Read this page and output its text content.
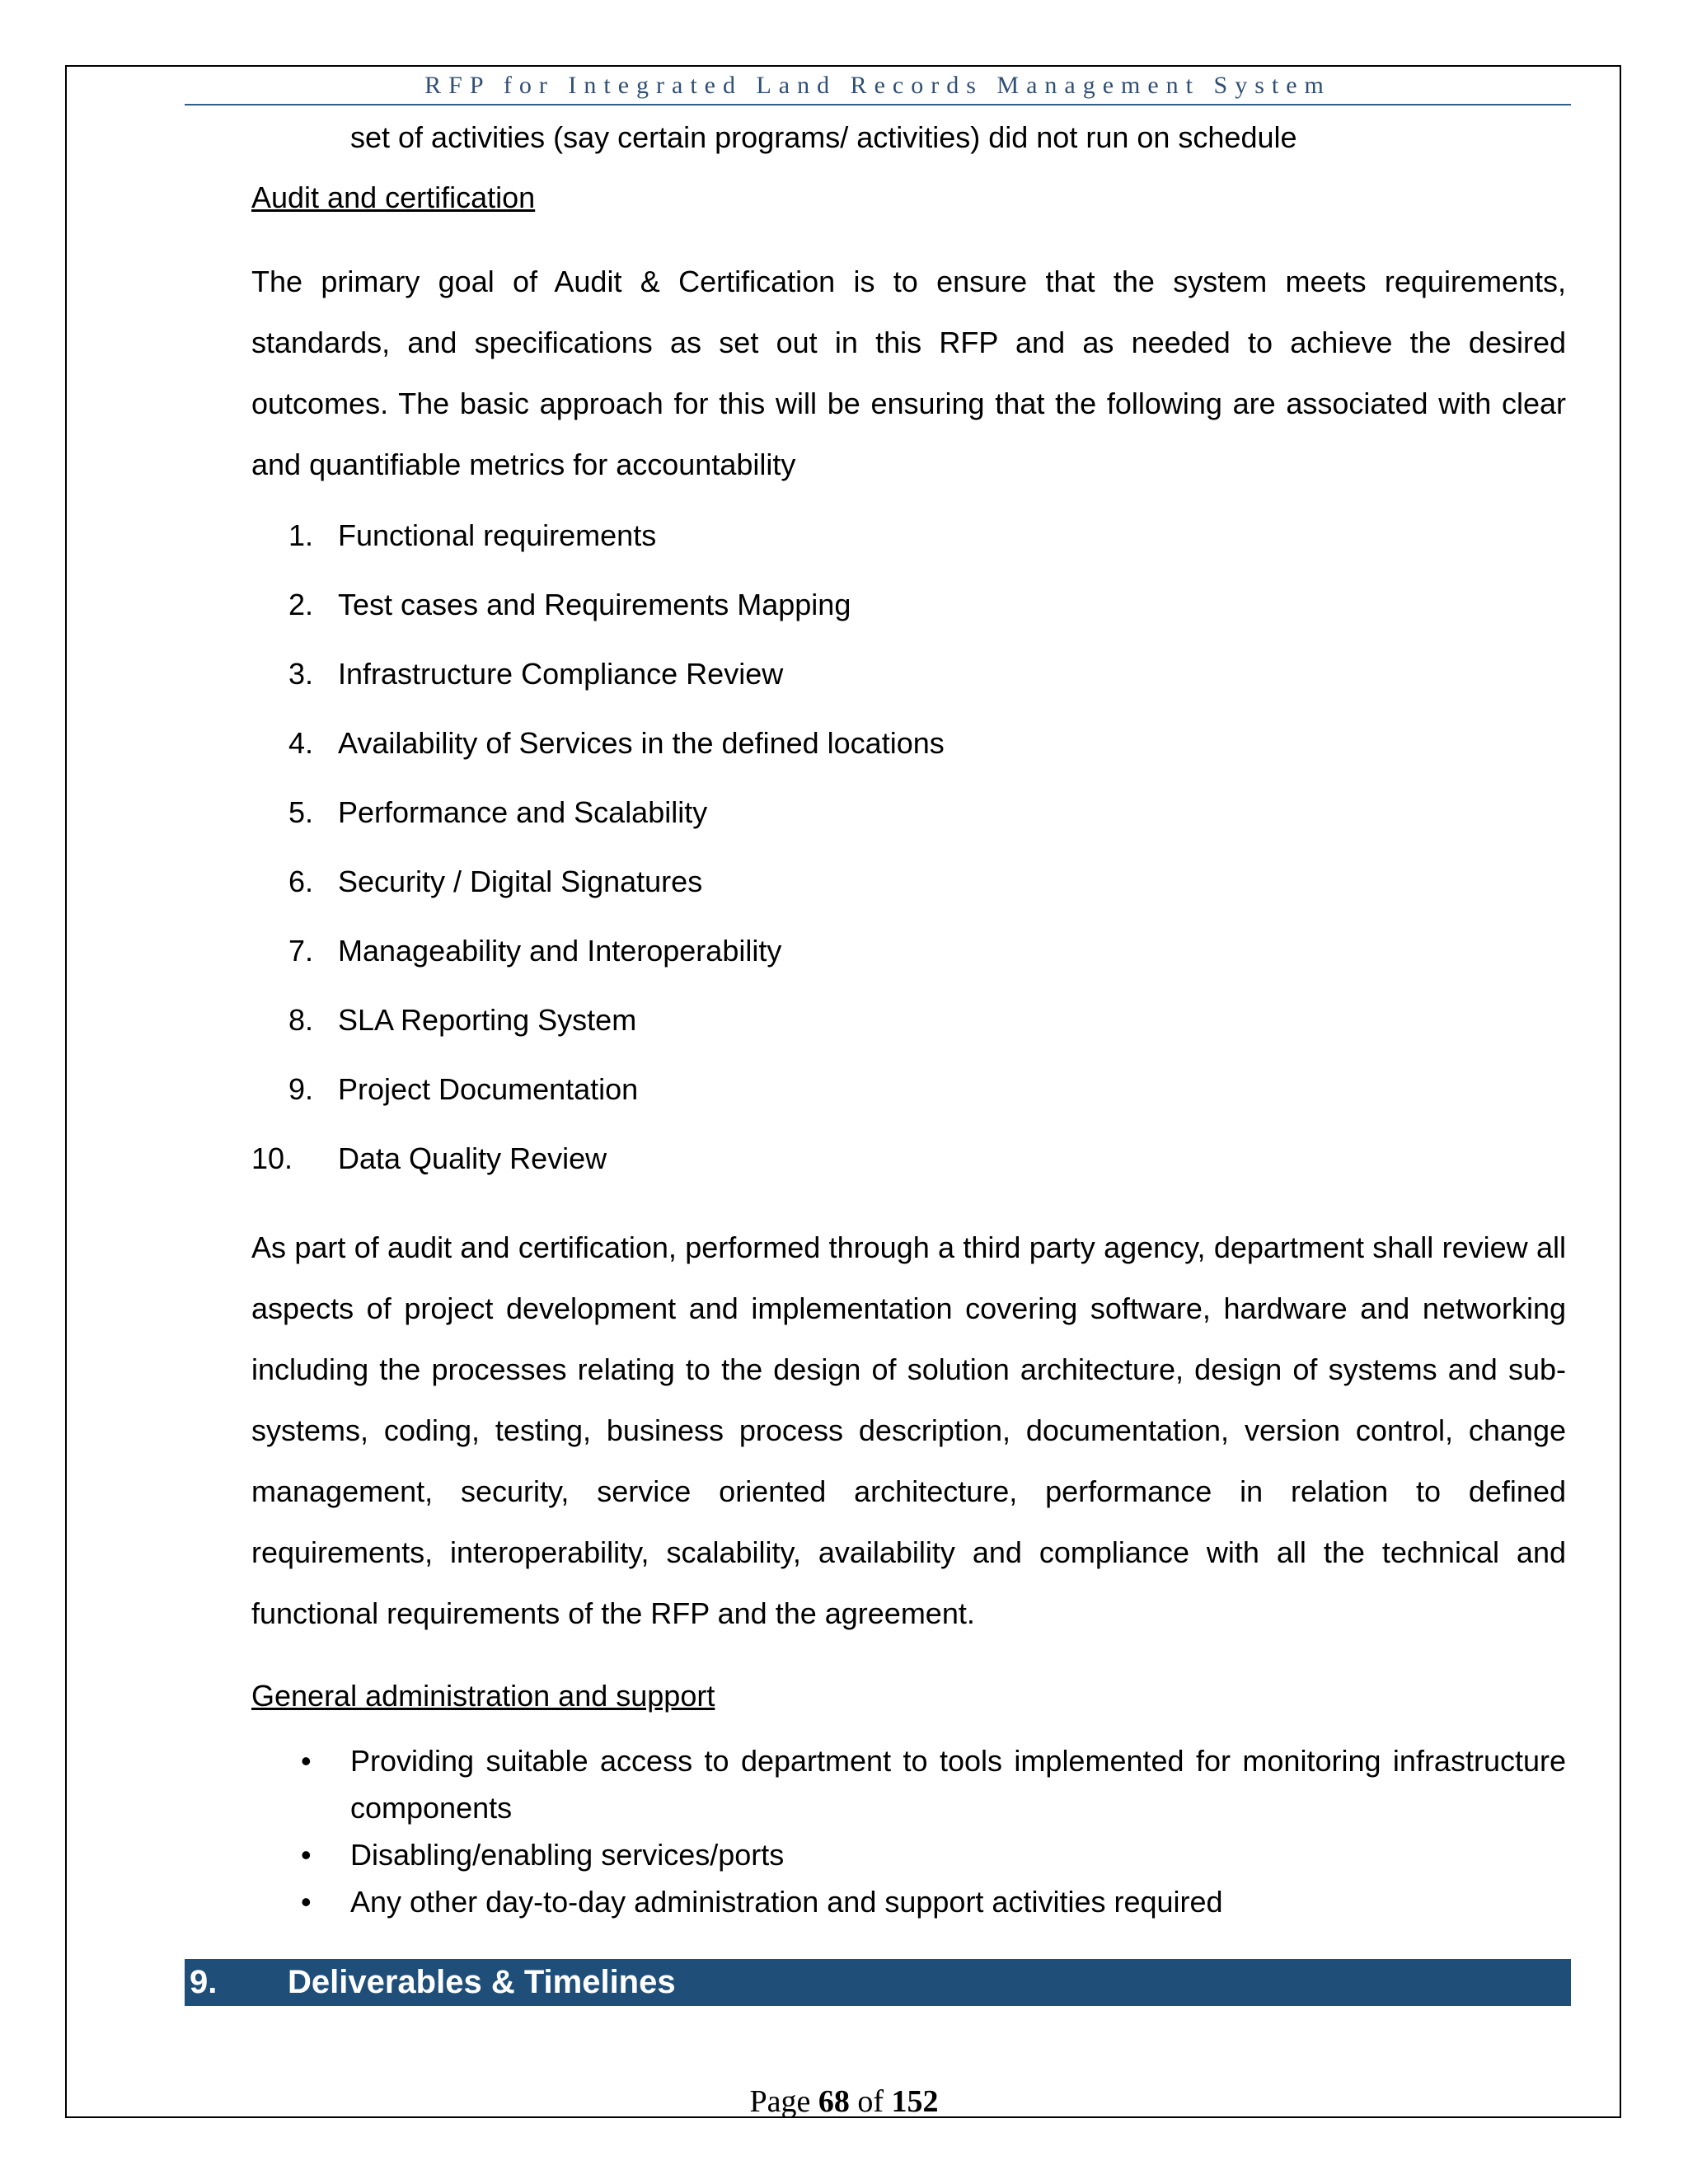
RFP for Integrated Land Records Management System
set of activities (say certain programs/ activities) did not run on schedule
Audit and certification
The primary goal of Audit & Certification is to ensure that the system meets requirements, standards, and specifications as set out in this RFP and as needed to achieve the desired outcomes. The basic approach for this will be ensuring that the following are associated with clear and quantifiable metrics for accountability
1. Functional requirements
2. Test cases and Requirements Mapping
3. Infrastructure Compliance Review
4. Availability of Services in the defined locations
5. Performance and Scalability
6. Security / Digital Signatures
7. Manageability and Interoperability
8. SLA Reporting System
9. Project Documentation
10.	Data Quality Review
As part of audit and certification, performed through a third party agency, department shall review all aspects of project development and implementation covering software, hardware and networking including the processes relating to the design of solution architecture, design of systems and sub-systems, coding, testing, business process description, documentation, version control, change management, security, service oriented architecture, performance in relation to defined requirements, interoperability, scalability, availability and compliance with all the technical and functional requirements of the RFP and the agreement.
General administration and support
• Providing suitable access to department to tools implemented for monitoring infrastructure components
• Disabling/enabling services/ports
• Any other day-to-day administration and support activities required
9. Deliverables & Timelines
Page 68 of 152
